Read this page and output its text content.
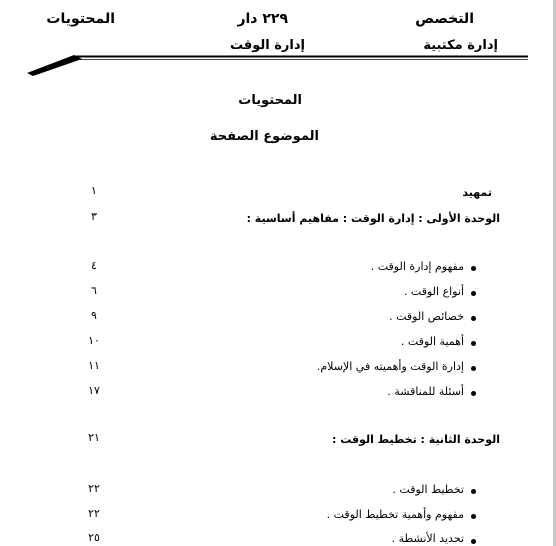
التخصص
إدارة مكتبية
٢٢٩ دار
إدارة الوقت
المحتويات
المحتويات
الموضوع الصفحة
تمهيد
١
الوحدة الأولى : إدارة الوقت : مفاهيم أساسية :
٣
مفهوم إدارة الوقت .
٤
أنواع الوقت .
٦
خصائص الوقت .
٩
أهمية الوقت .
١٠
إدارة الوقت وأهميته في الإسلام.
١١
أسئلة للمناقشة .
١٧
الوحدة الثانية : تخطيط الوقت :
٢١
تخطيط الوقت .
٢٢
مفهوم وأهمية تخطيط الوقت .
٢٢
تحديد الأنشطة .
٢٥
